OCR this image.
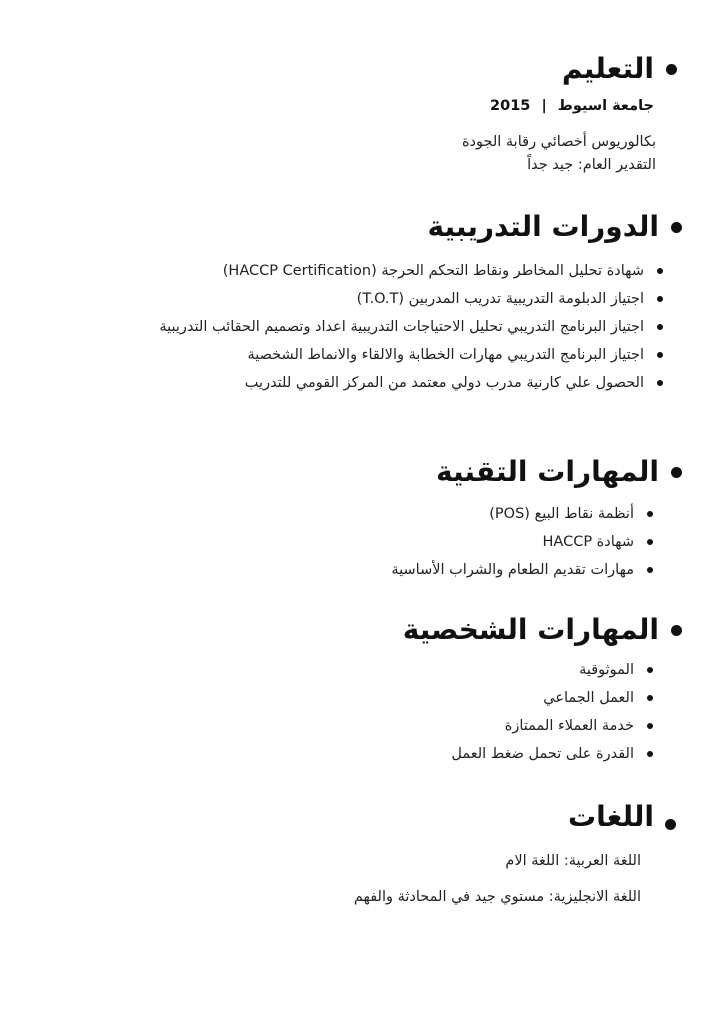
التعليم
جامعة اسيوط | 2015
بكالوريوس أخصائي رقابة الجودة
التقدير العام: جيد جداً
الدورات التدريبية
شهادة تحليل المخاطر ونقاط التحكم الحرجة (HACCP Certification)
اجتياز الدبلومة التدريبية تدريب المدربين (T.O.T)
اجتياز البرنامج التدريبي تحليل الاحتياجات التدريبية اعداد وتصميم الحقائب التدريبية
اجتياز البرنامج التدريبي مهارات الخطابة والالقاء والانماط الشخصية
الحصول علي كارنية مدرب دولي معتمد من المركز القومي للتدريب
المهارات التقنية
أنظمة نقاط البيع (POS)
شهادة HACCP
مهارات تقديم الطعام والشراب الأساسية
المهارات الشخصية
الموثوقية
العمل الجماعي
خدمة العملاء الممتازة
القدرة على تحمل ضغط العمل
اللغات
اللغة العربية: اللغة الام
اللغة الانجليزية: مستوي جيد في المحادثة والفهم
